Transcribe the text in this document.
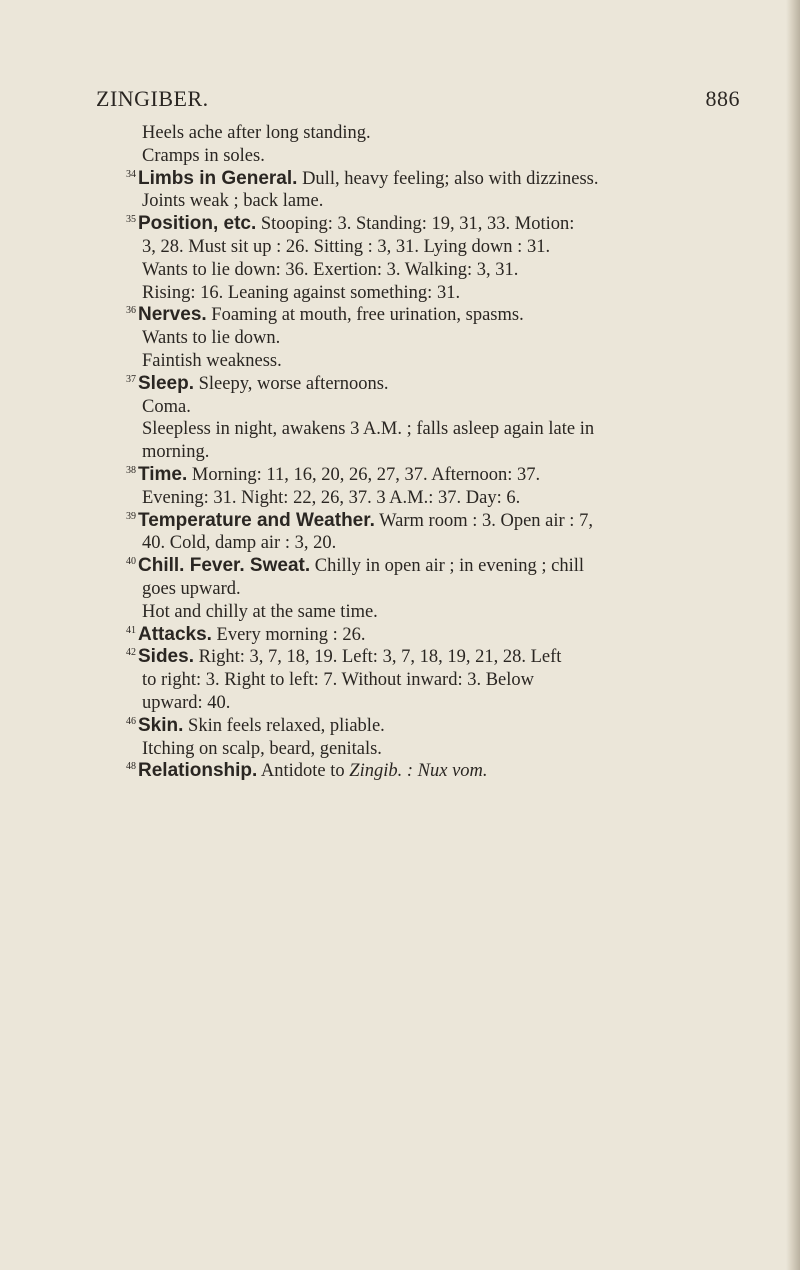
ZINGIBER.	886
Heels ache after long standing.
Cramps in soles.
$^{34}$ Limbs in General. Dull, heavy feeling; also with dizziness.
Joints weak ; back lame.
$^{35}$ Position, etc. Stooping: 3. Standing: 19, 31, 33. Motion:
3, 28. Must sit up : 26. Sitting : 3, 31. Lying down : 31.
Wants to lie down: 36. Exertion: 3. Walking: 3, 31.
Rising: 16. Leaning against something: 31.
$^{36}$ Nerves. Foaming at mouth, free urination, spasms.
Wants to lie down.
Faintish weakness.
$^{37}$ Sleep. Sleepy, worse afternoons.
Coma.
Sleepless in night, awakens 3 A.M. ; falls asleep again late in
morning.
$^{38}$ Time. Morning: 11, 16, 20, 26, 27, 37. Afternoon: 37.
Evening: 31. Night: 22, 26, 37. 3 A.M.: 37. Day: 6.
$^{39}$ Temperature and Weather. Warm room : 3. Open air : 7,
40. Cold, damp air : 3, 20.
$^{40}$ Chill. Fever. Sweat. Chilly in open air ; in evening ; chill
goes upward.
Hot and chilly at the same time.
$^{41}$ Attacks. Every morning : 26.
$^{42}$ Sides. Right: 3, 7, 18, 19. Left: 3, 7, 18, 19, 21, 28. Left
to right: 3. Right to left: 7. Without inward: 3. Below
upward: 40.
$^{46}$ Skin. Skin feels relaxed, pliable.
Itching on scalp, beard, genitals.
$^{48}$ Relationship. Antidote to Zingib. : Nux vom.
